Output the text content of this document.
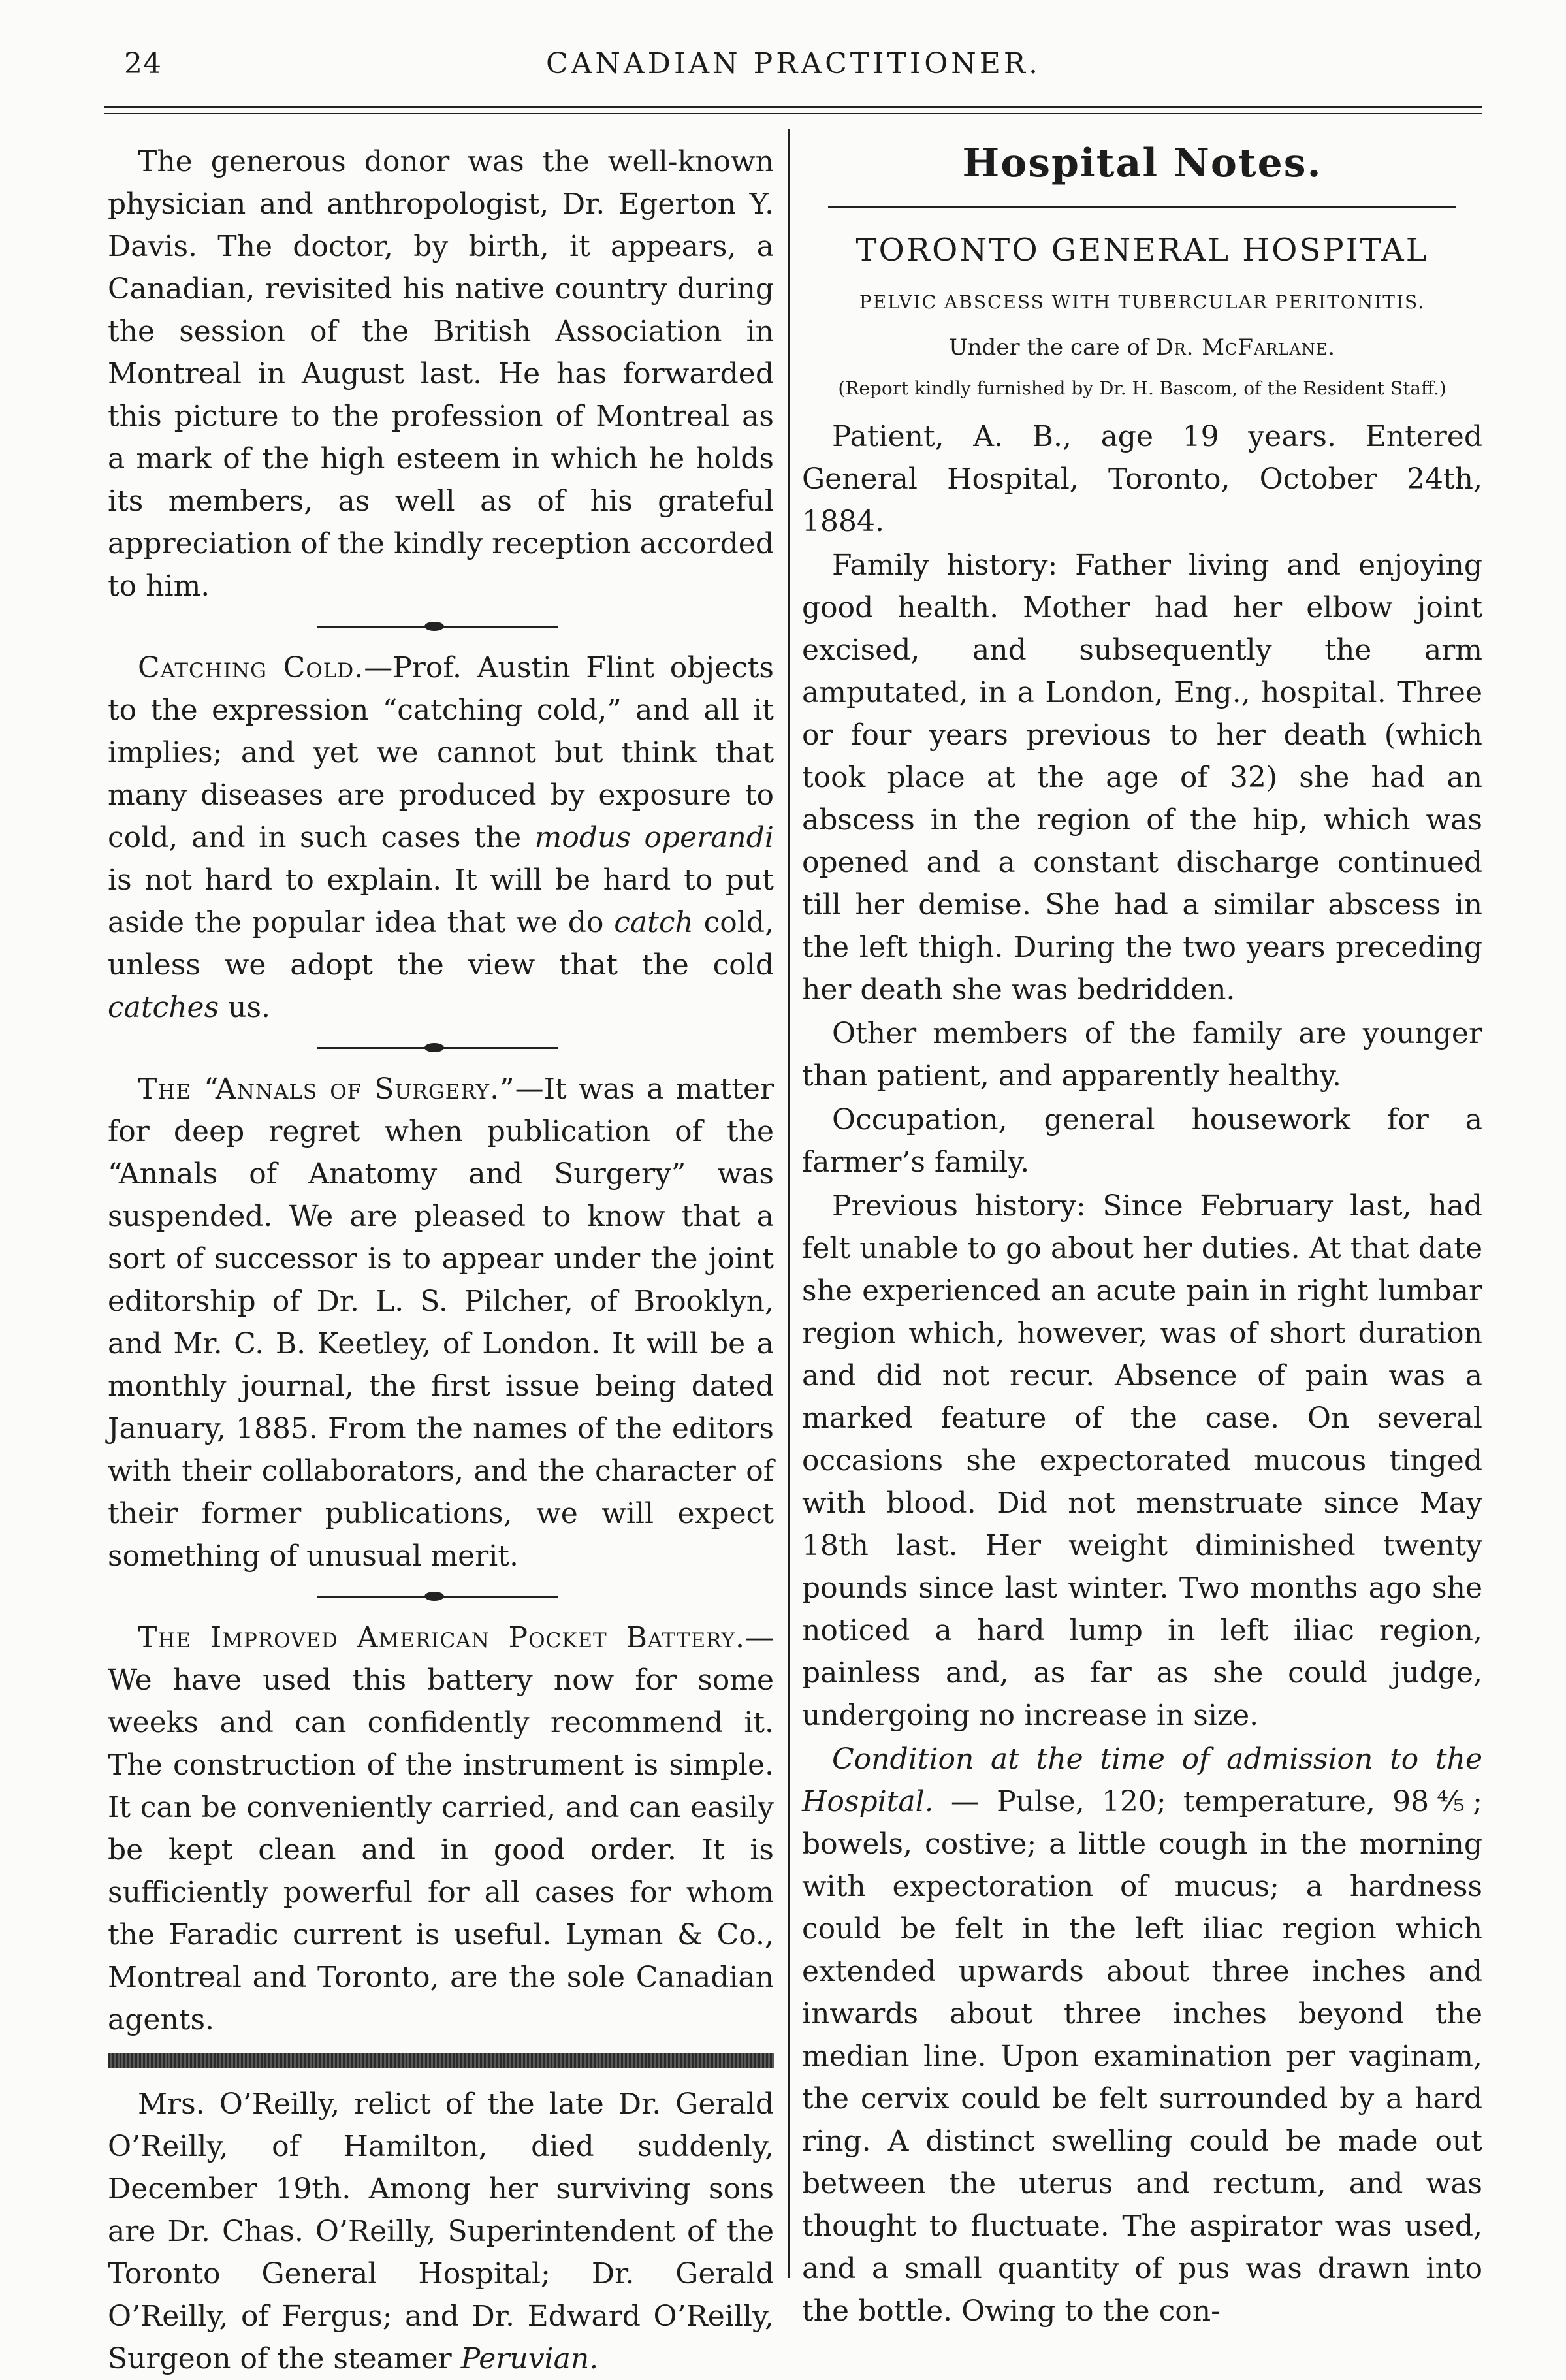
24	CANADIAN PRACTITIONER.

The generous donor was the well-known physician and anthropologist, Dr. Egerton Y. Davis. The doctor, by birth, it appears, a Canadian, revisited his native country during the session of the British Association in Montreal in August last. He has forwarded this picture to the profession of Montreal as a mark of the high esteem in which he holds its members, as well as of his grateful appreciation of the kindly reception accorded to him.

Catching Cold.—Prof. Austin Flint objects to the expression “catching cold,” and all it implies; and yet we cannot but think that many diseases are produced by exposure to cold, and in such cases the modus operandi is not hard to explain. It will be hard to put aside the popular idea that we do catch cold, unless we adopt the view that the cold catches us.

The “Annals of Surgery.”—It was a matter for deep regret when publication of the “Annals of Anatomy and Surgery” was suspended. We are pleased to know that a sort of successor is to appear under the joint editorship of Dr. L. S. Pilcher, of Brooklyn, and Mr. C. B. Keetley, of London. It will be a monthly journal, the first issue being dated January, 1885. From the names of the editors with their collaborators, and the character of their former publications, we will expect something of unusual merit.

The Improved American Pocket Battery.—We have used this battery now for some weeks and can confidently recommend it. The construction of the instrument is simple. It can be conveniently carried, and can easily be kept clean and in good order. It is sufficiently powerful for all cases for whom the Faradic current is useful. Lyman & Co., Montreal and Toronto, are the sole Canadian agents.

Mrs. O’Reilly, relict of the late Dr. Gerald O’Reilly, of Hamilton, died suddenly, December 19th. Among her surviving sons are Dr. Chas. O’Reilly, Superintendent of the Toronto General Hospital; Dr. Gerald O’Reilly, of Fergus; and Dr. Edward O’Reilly, Surgeon of the steamer Peruvian.

Hospital Notes.
TORONTO GENERAL HOSPITAL
PELVIC ABSCESS WITH TUBERCULAR PERITONITIS.
Under the care of Dr. McFarlane.
(Report kindly furnished by Dr. H. Bascom, of the Resident Staff.)

Patient, A. B., age 19 years. Entered General Hospital, Toronto, October 24th, 1884.

Family history: Father living and enjoying good health. Mother had her elbow joint excised, and subsequently the arm amputated, in a London, Eng., hospital. Three or four years previous to her death (which took place at the age of 32) she had an abscess in the region of the hip, which was opened and a constant discharge continued till her demise. She had a similar abscess in the left thigh. During the two years preceding her death she was bedridden.

Other members of the family are younger than patient, and apparently healthy.

Occupation, general housework for a farmer’s family.

Previous history: Since February last, had felt unable to go about her duties. At that date she experienced an acute pain in right lumbar region which, however, was of short duration and did not recur. Absence of pain was a marked feature of the case. On several occasions she expectorated mucous tinged with blood. Did not menstruate since May 18th last. Her weight diminished twenty pounds since last winter. Two months ago she noticed a hard lump in left iliac region, painless and, as far as she could judge, undergoing no increase in size.

Condition at the time of admission to the Hospital. — Pulse, 120; temperature, 98⅘; bowels, costive; a little cough in the morning with expectoration of mucus; a hardness could be felt in the left iliac region which extended upwards about three inches and inwards about three inches beyond the median line. Upon examination per vaginam, the cervix could be felt surrounded by a hard ring. A distinct swelling could be made out between the uterus and rectum, and was thought to fluctuate. The aspirator was used, and a small quantity of pus was drawn into the bottle. Owing to the con-
